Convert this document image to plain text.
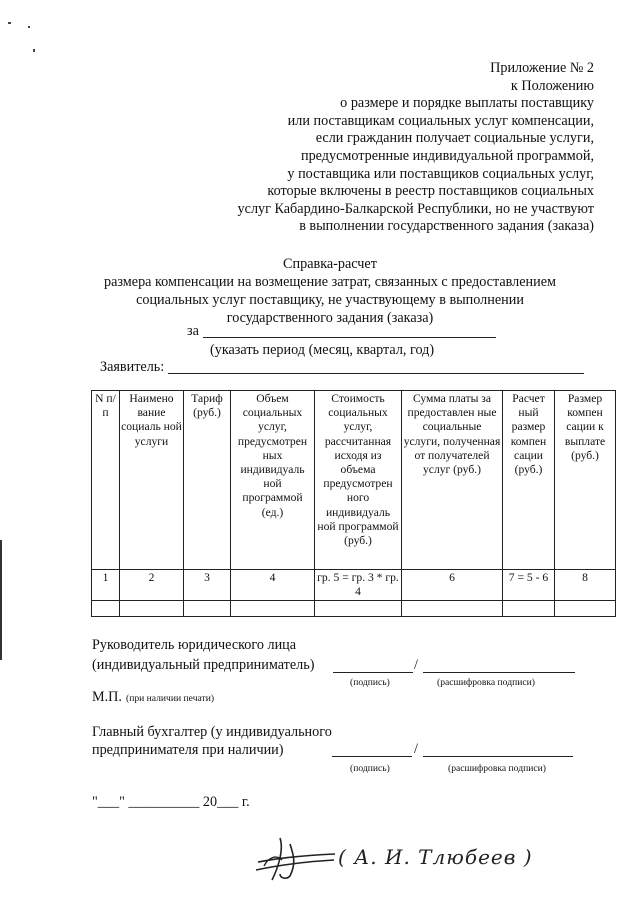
Приложение № 2
к Положению
о размере и порядке выплаты поставщику
или поставщикам социальных услуг компенсации,
если гражданин получает социальные услуги,
предусмотренные индивидуальной программой,
у поставщика или поставщиков социальных услуг,
которые включены в реестр поставщиков социальных
услуг Кабардино-Балкарской Республики, но не участвуют
в выполнении государственного задания (заказа)
Справка-расчет
размера компенсации на возмещение затрат, связанных с предоставлением
социальных услуг поставщику, не участвующему в выполнении
государственного задания (заказа)
за
(указать период (месяц, квартал, год)
Заявитель:
N п/п	Наимено вание социаль ной услуги	Тариф (руб.)	Объем социальных услуг, предусмотрен ных индивидуаль ной программой (ед.)	Стоимость социальных услуг, рассчитанная исходя из объема предусмотрен ного индивидуаль ной программой (руб.)	Сумма платы за предоставлен ные социальные услуги, полученная от получателей услуг (руб.)	Расчет ный размер компен сации (руб.)	Размер компен сации к выплате (руб.)
1	2	3	4	гр. 5 = гр. 3 * гр. 4	6	7 = 5 - 6	8

Руководитель юридического лица
(индивидуальный предприниматель)	/
(подпись)	(расшифровка подписи)
М.П. (при наличии печати)
Главный бухгалтер (у индивидуального
предпринимателя при наличии)	/
(подпись)	(расшифровка подписи)
"___" __________ 20___ г.
( А. И. Тлюбеев )
